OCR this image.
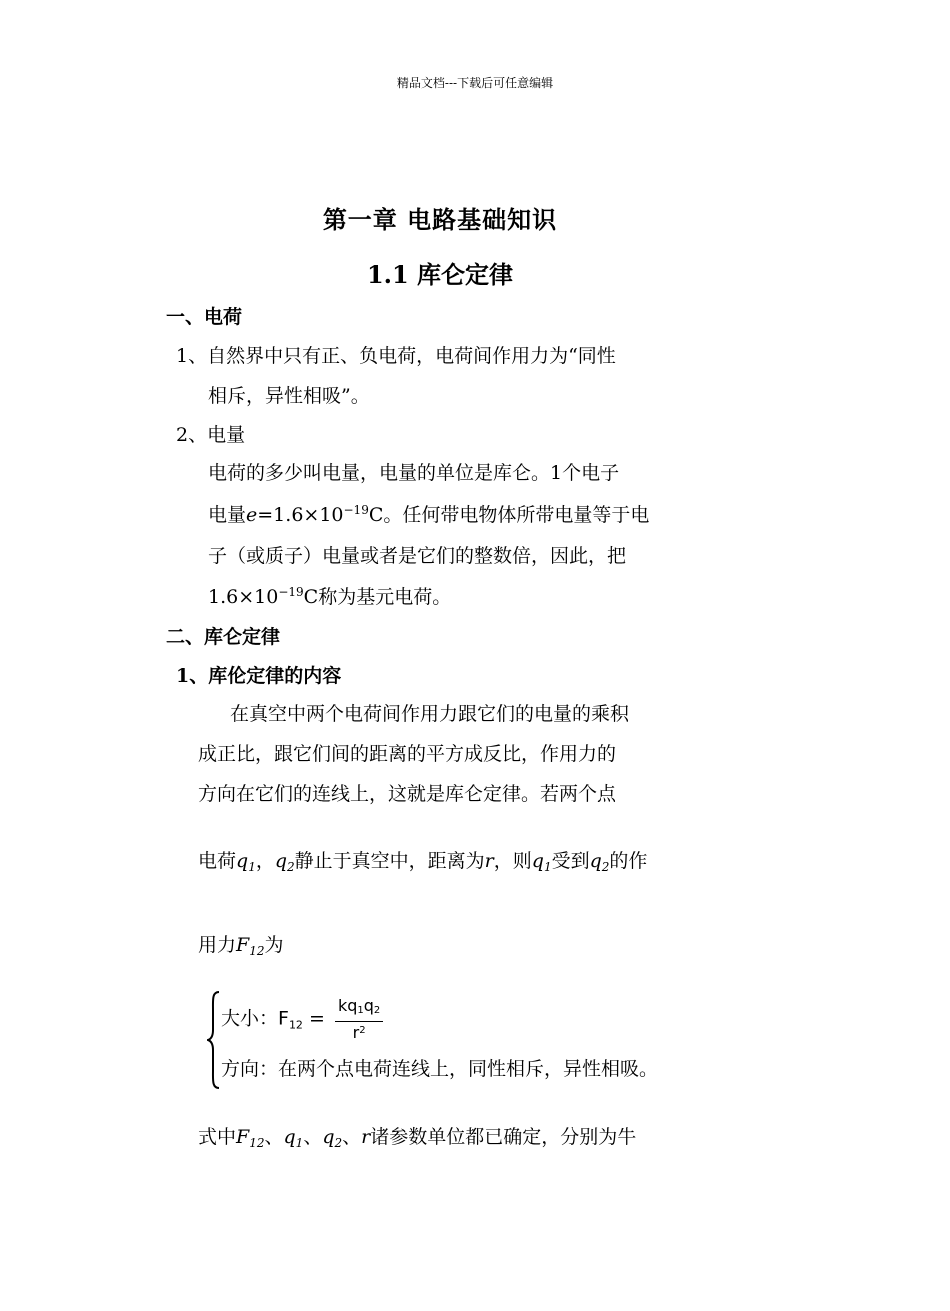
精品文档---下载后可任意编辑
第一章 电路基础知识
1.1 库仑定律
一、电荷
1、自然界中只有正、负电荷，电荷间作用力为“同性
相斥，异性相吸”。
2、电量
电荷的多少叫电量，电量的单位是库仑。1个电子
电量$e=1.6\times 10^{-19}C$。任何带电物体所带电量等于电
子（或质子）电量或者是它们的整数倍，因此，把
$1.6\times 10^{-19}C$称为基元电荷。
二、库仑定律
1、库伦定律的内容
在真空中两个电荷间作用力跟它们的电量的乘积
成正比，跟它们间的距离的平方成反比，作用力的
方向在它们的连线上，这就是库仑定律。若两个点
电荷$q_1$，$q_2$静止于真空中，距离为r，则$q_1$受到$q_2$的作
用力$F_{12}$为
大小：$F_{12} = \frac{kq_1q_2}{r^2}$
方向：在两个点电荷连线上，同性相斥，异性相吸。
式中$F_{12}$、$q_1$、$q_2$、r诸参数单位都已确定，分别为牛
